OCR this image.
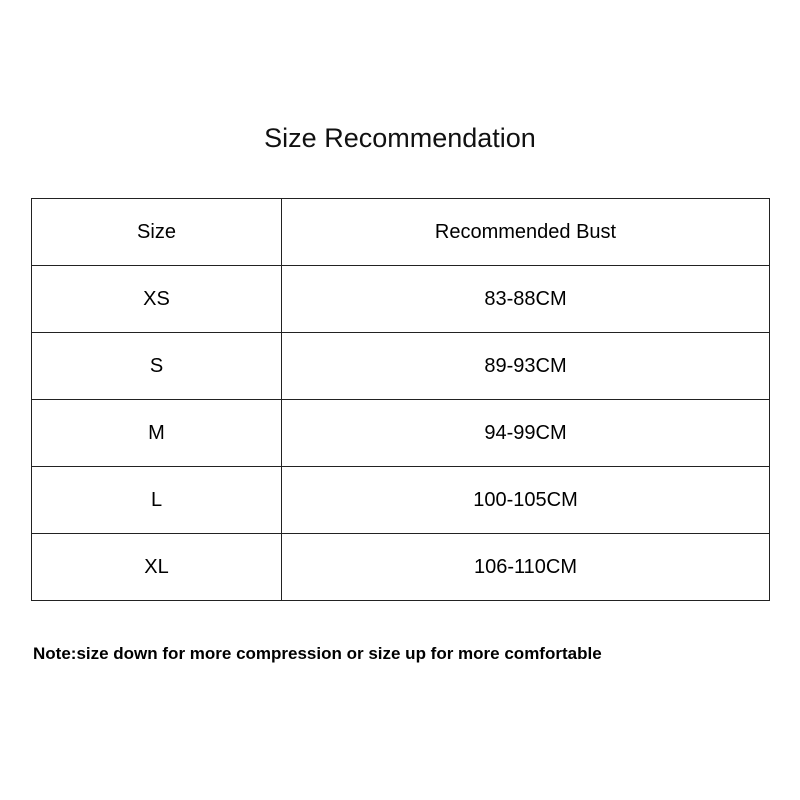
Size Recommendation
Size	Recommended Bust
XS	83-88CM
S	89-93CM
M	94-99CM
L	100-105CM
XL	106-110CM
Note:size down for more compression or size up for more comfortable
